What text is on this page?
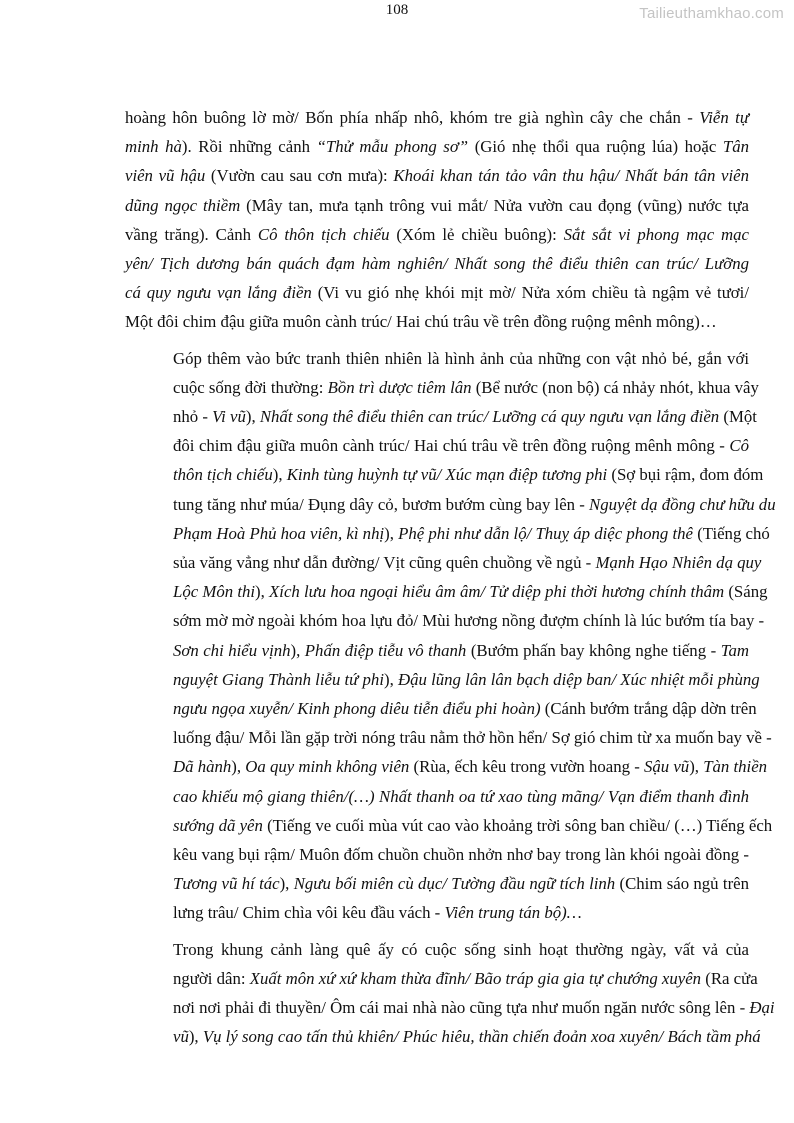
108	Tailieuthamkhao.com

hoàng hôn buông lờ mờ/ Bốn phía nhấp nhô, khóm tre già nghìn cây che chắn - Viễn tự
minh hà). Rồi những cảnh “Thử mẫu phong sơ” (Gió nhẹ thổi qua ruộng lúa) hoặc Tân
viên vũ hậu (Vườn cau sau cơn mưa): Khoái khan tán tảo vân thu hậu/ Nhất bán tân viên
dũng ngọc thiềm (Mây tan, mưa tạnh trông vui mắt/ Nửa vườn cau đọng (vũng) nước tựa
vầng trăng). Cảnh Cô thôn tịch chiếu (Xóm lẻ chiều buông): Sắt sắt vi phong mạc mạc
yên/ Tịch dương bán quách đạm hàm nghiên/ Nhất song thê điểu thiên can trúc/ Lưỡng
cá quy ngưu vạn lắng điền (Vi vu gió nhẹ khói mịt mờ/ Nửa xóm chiều tà ngậm vẻ tươi/
Một đôi chim đậu giữa muôn cành trúc/ Hai chú trâu về trên đồng ruộng mênh mông)…

Góp thêm vào bức tranh thiên nhiên là hình ảnh của những con vật nhỏ bé, gắn với
cuộc sống đời thường: Bồn trì dược tiêm lân (Bể nước (non bộ) cá nhảy nhót, khua vây
nhỏ - Vi vũ), Nhất song thê điểu thiên can trúc/ Lưỡng cá quy ngưu vạn lắng điền (Một
đôi chim đậu giữa muôn cành trúc/ Hai chú trâu về trên đồng ruộng mênh mông - Cô
thôn tịch chiếu), Kinh tùng huỳnh tự vũ/ Xúc mạn điệp tương phi (Sợ bụi rậm, đom đóm
tung tăng như múa/ Đụng dây cỏ, bươm bướm cùng bay lên - Nguyệt dạ đồng chư hữu du
Phạm Hoà Phủ hoa viên, kì nhị), Phệ phi như dẫn lộ/ Thuỵ áp diệc phong thê (Tiếng chó
sủa văng vẳng như dẫn đường/ Vịt cũng quên chuồng về ngủ - Mạnh Hạo Nhiên dạ quy
Lộc Môn thi), Xích lưu hoa ngoại hiểu âm âm/ Tử diệp phi thời hương chính thâm (Sáng
sớm mờ mờ ngoài khóm hoa lựu đỏ/ Mùi hương nồng đượm chính là lúc bướm tía bay -
Sơn chi hiểu vịnh), Phấn điệp tiễu vô thanh (Bướm phấn bay không nghe tiếng - Tam
nguyệt Giang Thành liễu tứ phi), Đậu lũng lân lân bạch diệp ban/ Xúc nhiệt mỗi phùng
ngưu ngọa xuyễn/ Kinh phong diêu tiễn điểu phi hoàn) (Cánh bướm trắng dập dờn trên
luống đậu/ Mỗi lần gặp trời nóng trâu nằm thở hồn hển/ Sợ gió chim từ xa muốn bay về -
Dã hành), Oa quy minh không viên (Rùa, ếch kêu trong vườn hoang - Sậu vũ), Tàn thiền
cao khiếu mộ giang thiên/(…) Nhất thanh oa tứ xao tùng mãng/ Vạn điểm thanh đình
sướng dã yên (Tiếng ve cuối mùa vút cao vào khoảng trời sông ban chiều/ (…) Tiếng ếch
kêu vang bụi rậm/ Muôn đốm chuồn chuồn nhởn nhơ bay trong làn khói ngoài đồng -
Tương vũ hí tác), Ngưu bối miên cù dục/ Tường đầu ngữ tích linh (Chim sáo ngủ trên
lưng trâu/ Chim chìa vôi kêu đầu vách - Viên trung tán bộ)…

Trong khung cảnh làng quê ấy có cuộc sống sinh hoạt thường ngày, vất vả của
người dân: Xuất môn xứ xứ kham thừa đĩnh/ Bão tráp gia gia tự chướng xuyên (Ra cửa
nơi nơi phải đi thuyền/ Ôm cái mai nhà nào cũng tựa như muốn ngăn nước sông lên - Đại
vũ), Vụ lý song cao tấn thủ khiên/ Phúc hiêu, thần chiến đoản xoa xuyên/ Bách tầm phá
